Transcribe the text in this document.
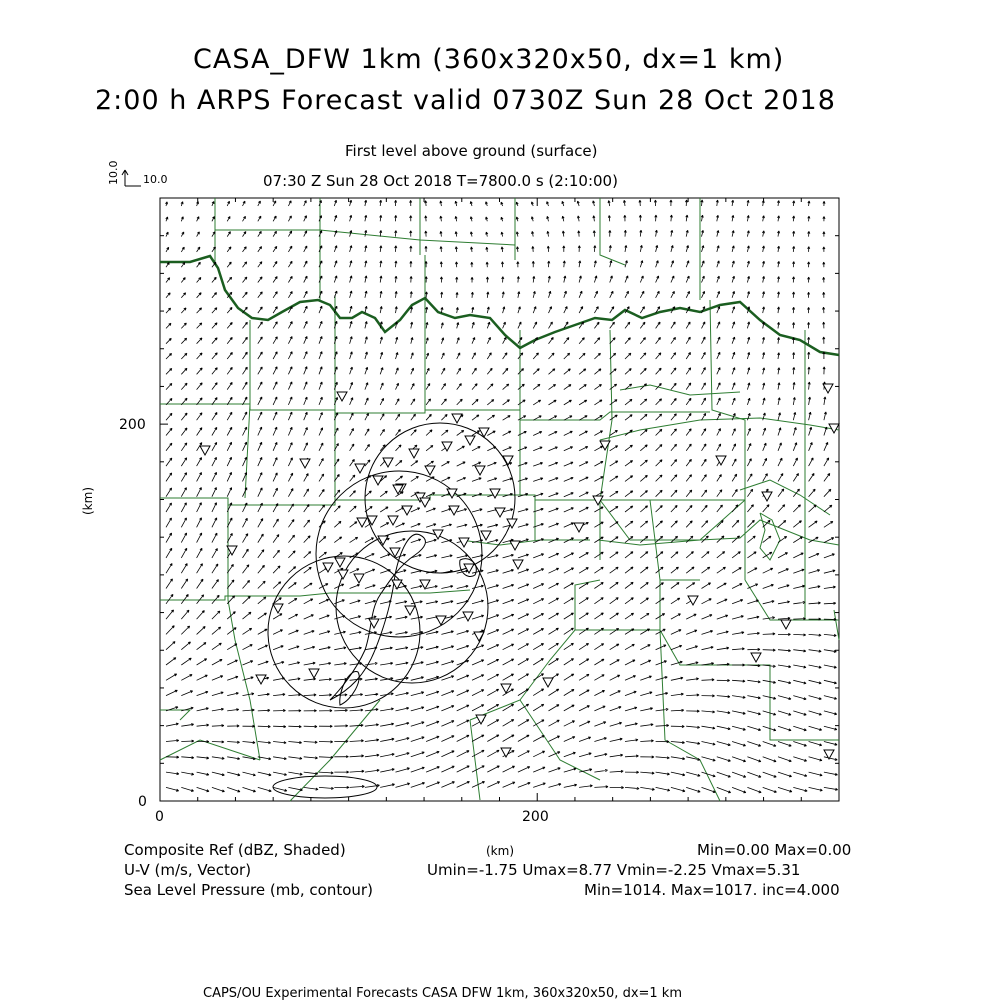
CASA_DFW 1km (360x320x50, dx=1 km)
2:00 h ARPS Forecast valid 0730Z Sun 28 Oct 2018
First level above ground (surface)
07:30 Z Sun 28 Oct 2018 T=7800.0 s (2:10:00)
10.0 10.0
200
0
0	200
(km)
(km)
Composite Ref (dBZ, Shaded)	Min=0.00 Max=0.00
U-V (m/s, Vector)	Umin=-1.75 Umax=8.77 Vmin=-2.25 Vmax=5.31
Sea Level Pressure (mb, contour)	Min=1014. Max=1017. inc=4.000
CAPS/OU Experimental Forecasts CASA DFW 1km, 360x320x50, dx=1 km
